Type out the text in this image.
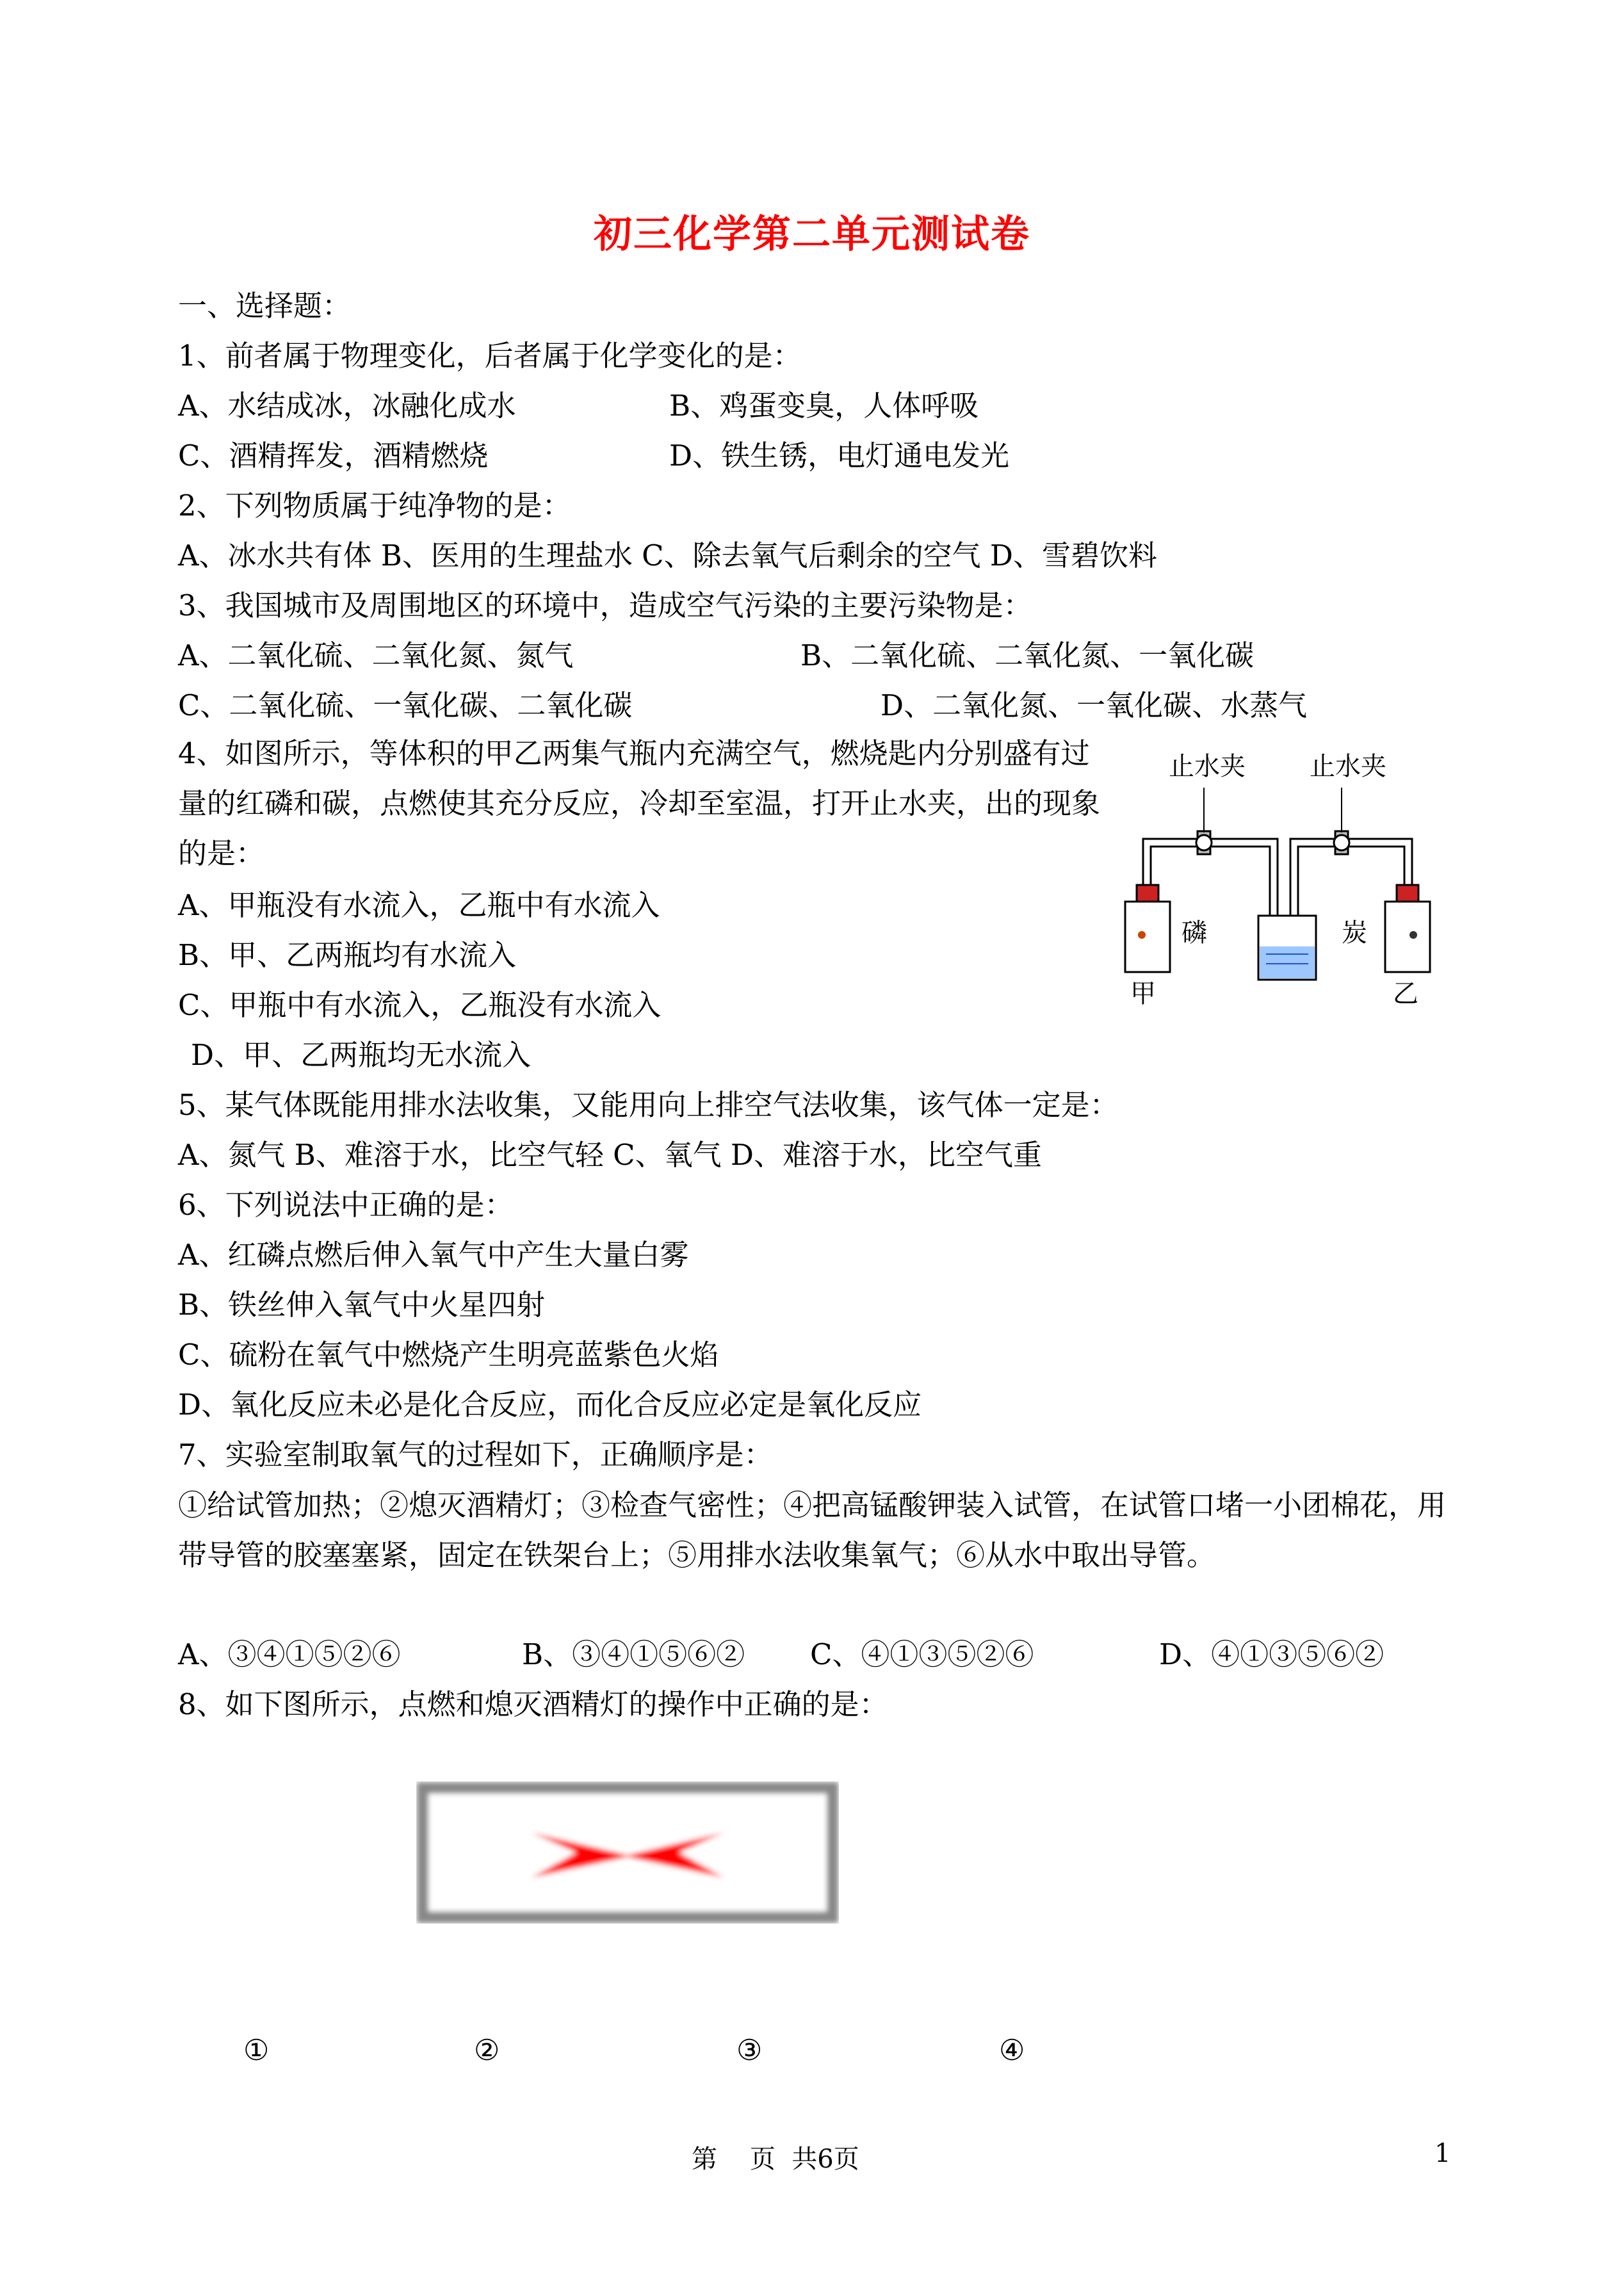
初三化学第二单元测试卷
一、选择题：
1、前者属于物理变化，后者属于化学变化的是：
A、水结成冰，冰融化成水	B、鸡蛋变臭，人体呼吸
C、酒精挥发，酒精燃烧	D、铁生锈，电灯通电发光
2、下列物质属于纯净物的是：
A、冰水共有体 B、医用的生理盐水 C、除去氧气后剩余的空气 D、雪碧饮料
3、我国城市及周围地区的环境中，造成空气污染的主要污染物是：
A、二氧化硫、二氧化氮、氮气	B、二氧化硫、二氧化氮、一氧化碳
C、二氧化硫、一氧化碳、二氧化碳	D、二氧化氮、一氧化碳、水蒸气
4、如图所示，等体积的甲乙两集气瓶内充满空气，燃烧匙内分别盛有过量的红磷和碳，点燃使其充分反应，冷却至室温，打开止水夹，出的现象的是：
A、甲瓶没有水流入，乙瓶中有水流入
B、甲、乙两瓶均有水流入
C、甲瓶中有水流入，乙瓶没有水流入
D、甲、乙两瓶均无水流入
止水夹	止水夹
磷	炭
甲	乙
5、某气体既能用排水法收集，又能用向上排空气法收集，该气体一定是：
A、氮气 B、难溶于水，比空气轻 C、氧气 D、难溶于水，比空气重
6、下列说法中正确的是：
A、红磷点燃后伸入氧气中产生大量白雾
B、铁丝伸入氧气中火星四射
C、硫粉在氧气中燃烧产生明亮蓝紫色火焰
D、氧化反应未必是化合反应，而化合反应必定是氧化反应
7、实验室制取氧气的过程如下，正确顺序是：
①给试管加热；②熄灭酒精灯；③检查气密性；④把高锰酸钾装入试管，在试管口堵一小团棉花，用带导管的胶塞塞紧，固定在铁架台上；⑤用排水法收集氧气；⑥从水中取出导管。
A、③④①⑤②⑥	B、③④①⑤⑥② C、④①③⑤②⑥	D、④①③⑤⑥②
8、如下图所示，点燃和熄灭酒精灯的操作中正确的是：
①	②	③	④
第    页  共6页	1
